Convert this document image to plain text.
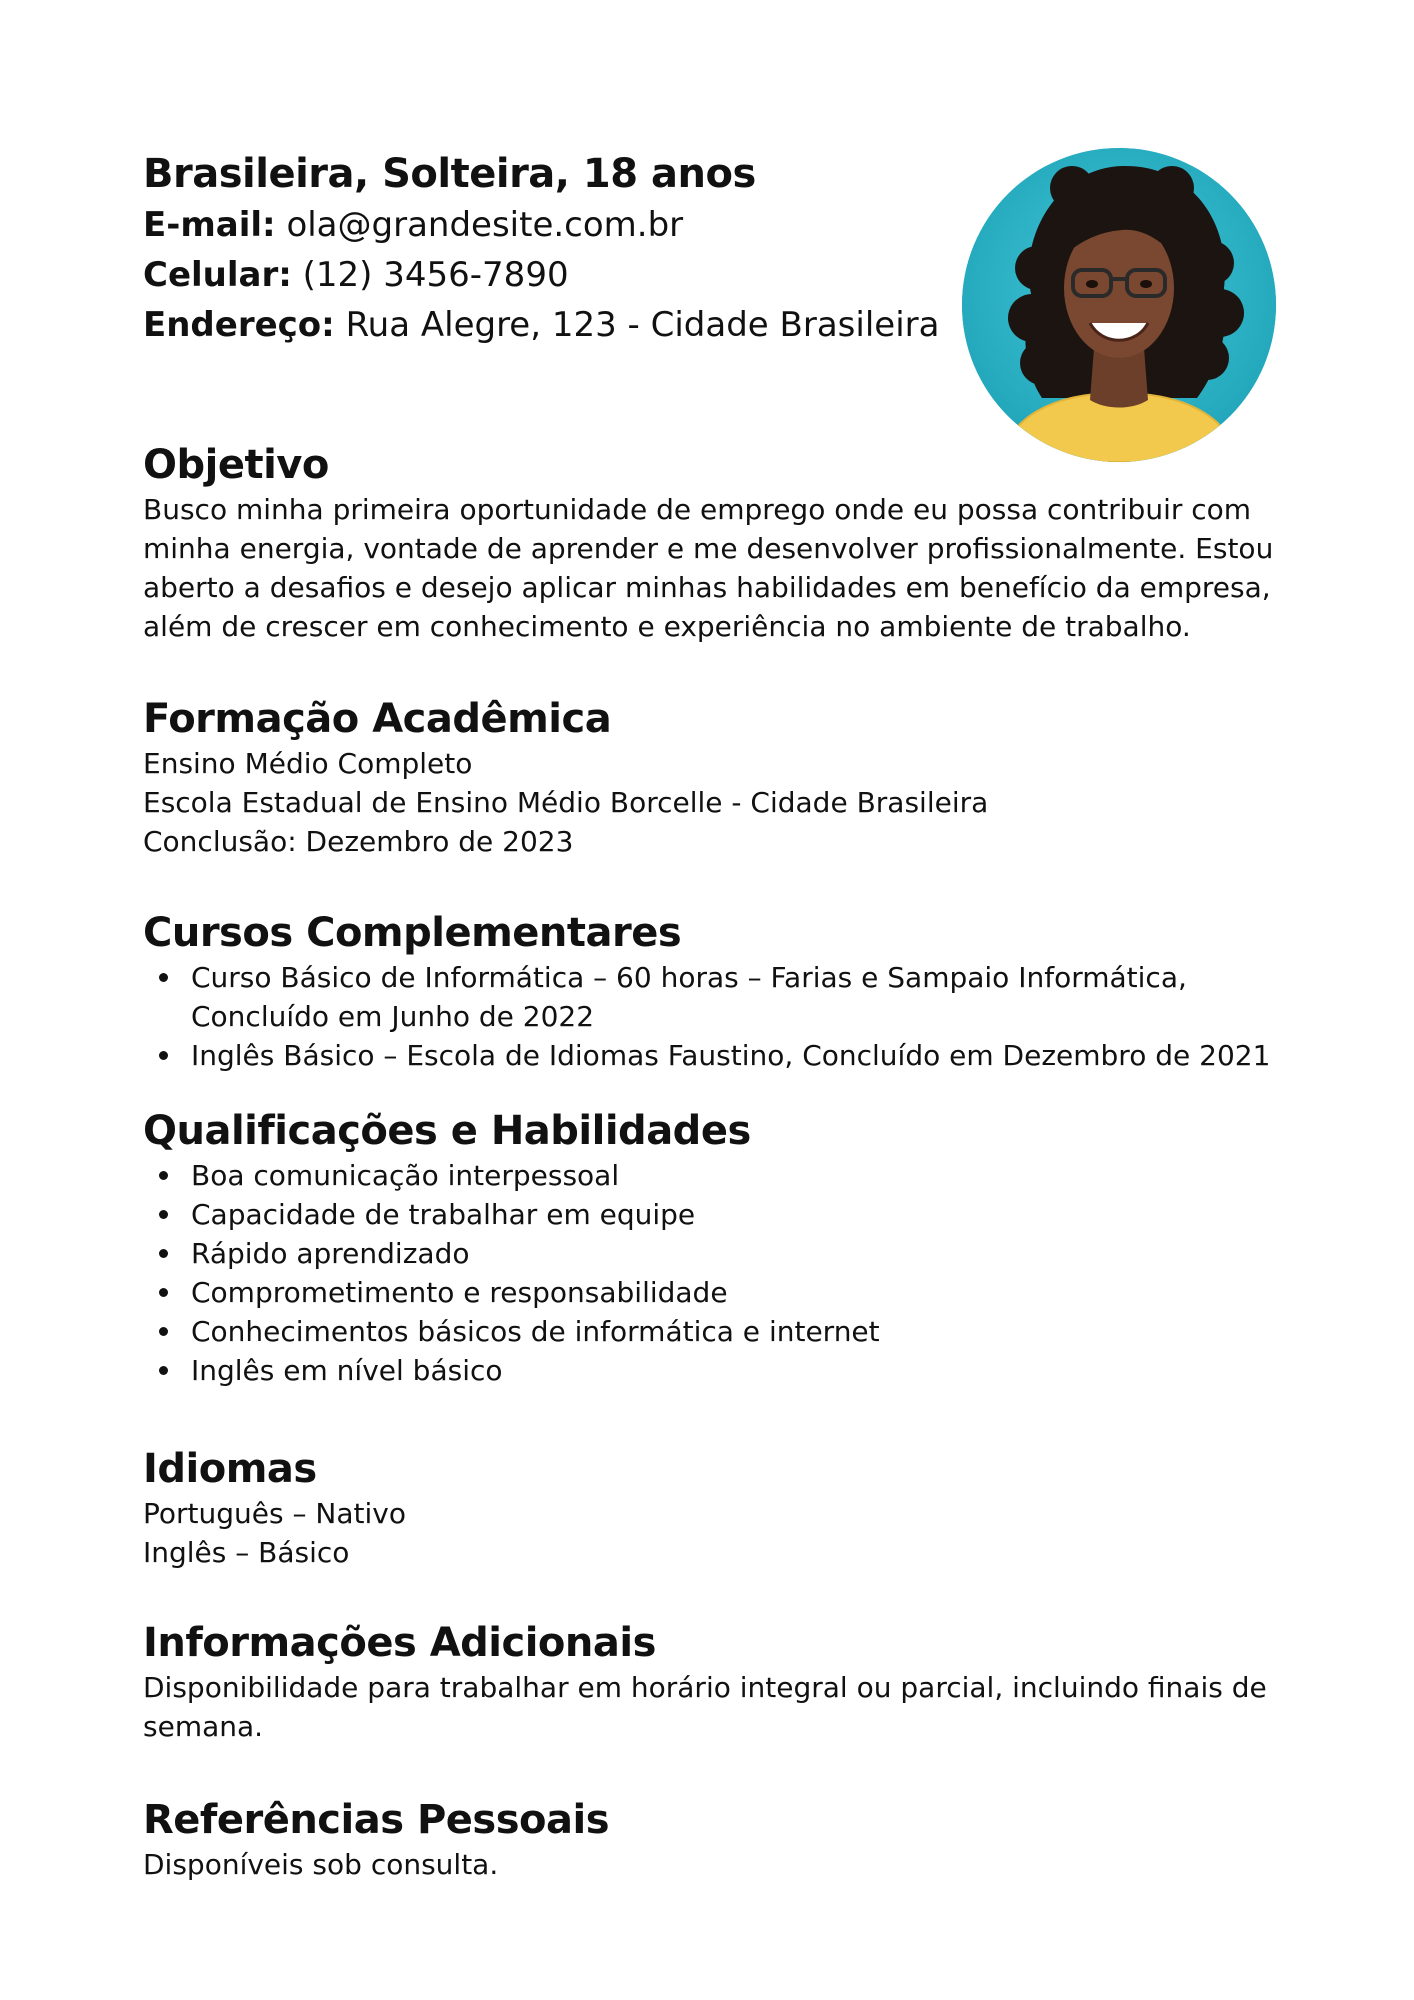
Brasileira, Solteira, 18 anos

E-mail: ola@grandesite.com.br

Celular: (12) 3456-7890

Endereço: Rua Alegre, 123 - Cidade Brasileira

Objetivo

Busco minha primeira oportunidade de emprego onde eu possa contribuir com

minha energia, vontade de aprender e me desenvolver profissionalmente. Estou

aberto a desafios e desejo aplicar minhas habilidades em benefício da empresa,

além de crescer em conhecimento e experiência no ambiente de trabalho.

Formação Acadêmica

Ensino Médio Completo

Escola Estadual de Ensino Médio Borcelle - Cidade Brasileira

Conclusão: Dezembro de 2023

Cursos Complementares
Curso Básico de Informática – 60 horas – Farias e Sampaio Informática,
Concluído em Junho de 2022
Inglês Básico – Escola de Idiomas Faustino, Concluído em Dezembro de 2021
Qualificações e Habilidades
Boa comunicação interpessoal
Capacidade de trabalhar em equipe
Rápido aprendizado
Comprometimento e responsabilidade
Conhecimentos básicos de informática e internet
Inglês em nível básico
Idiomas

Português – Nativo

Inglês – Básico

Informações Adicionais

Disponibilidade para trabalhar em horário integral ou parcial, incluindo finais de

semana.

Referências Pessoais

Disponíveis sob consulta.
